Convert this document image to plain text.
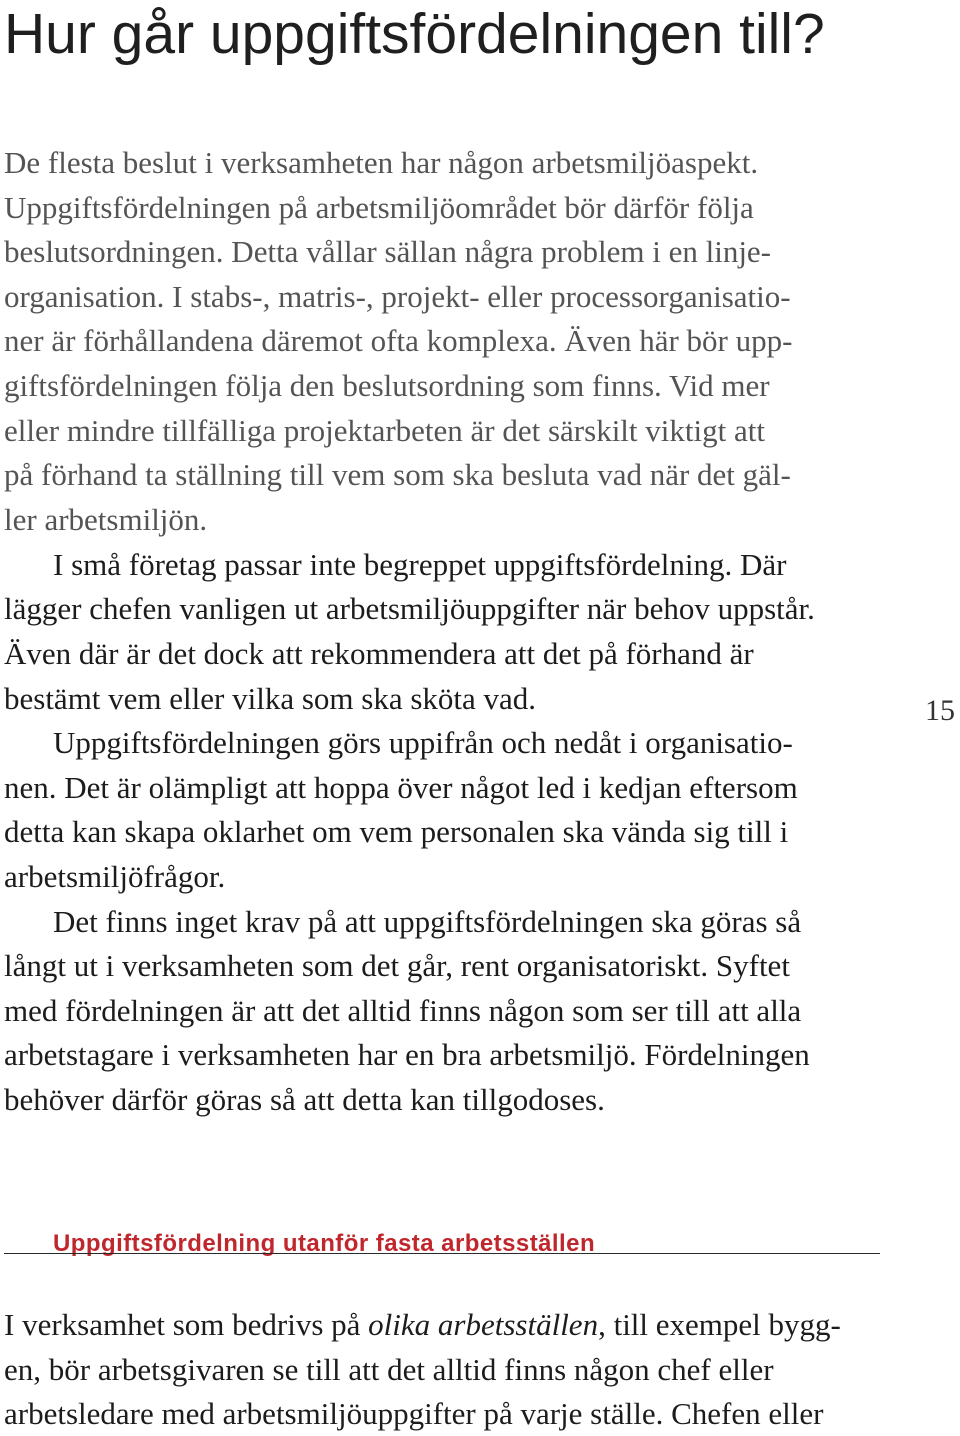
Hur går uppgiftsfördelningen till?
De flesta beslut i verksamheten har någon arbetsmiljöaspekt.
Uppgiftsfördelningen på arbetsmiljöområdet bör därför följa
beslutsordningen. Detta vållar sällan några problem i en linje-
organisation. I stabs-, matris-, projekt- eller processorganisatio-
ner är förhållandena däremot ofta komplexa. Även här bör upp-
giftsfördelningen följa den beslutsordning som finns. Vid mer
eller mindre tillfälliga projektarbeten är det särskilt viktigt att
på förhand ta ställning till vem som ska besluta vad när det gäl-
ler arbetsmiljön.
I små företag passar inte begreppet uppgiftsfördelning. Där
lägger chefen vanligen ut arbetsmiljöuppgifter när behov uppstår.
Även där är det dock att rekommendera att det på förhand är
bestämt vem eller vilka som ska sköta vad.
Uppgiftsfördelningen görs uppifrån och nedåt i organisatio-
nen. Det är olämpligt att hoppa över något led i kedjan eftersom
detta kan skapa oklarhet om vem personalen ska vända sig till i
arbetsmiljöfrågor.
Det finns inget krav på att uppgiftsfördelningen ska göras så
långt ut i verksamheten som det går, rent organisatoriskt. Syftet
med fördelningen är att det alltid finns någon som ser till att alla
arbetstagare i verksamheten har en bra arbetsmiljö. Fördelningen
behöver därför göras så att detta kan tillgodoses.
15
Uppgiftsfördelning utanför fasta arbetsställen
I verksamhet som bedrivs på olika arbetsställen, till exempel bygg-
en, bör arbetsgivaren se till att det alltid finns någon chef eller
arbetsledare med arbetsmiljöuppgifter på varje ställe. Chefen eller
